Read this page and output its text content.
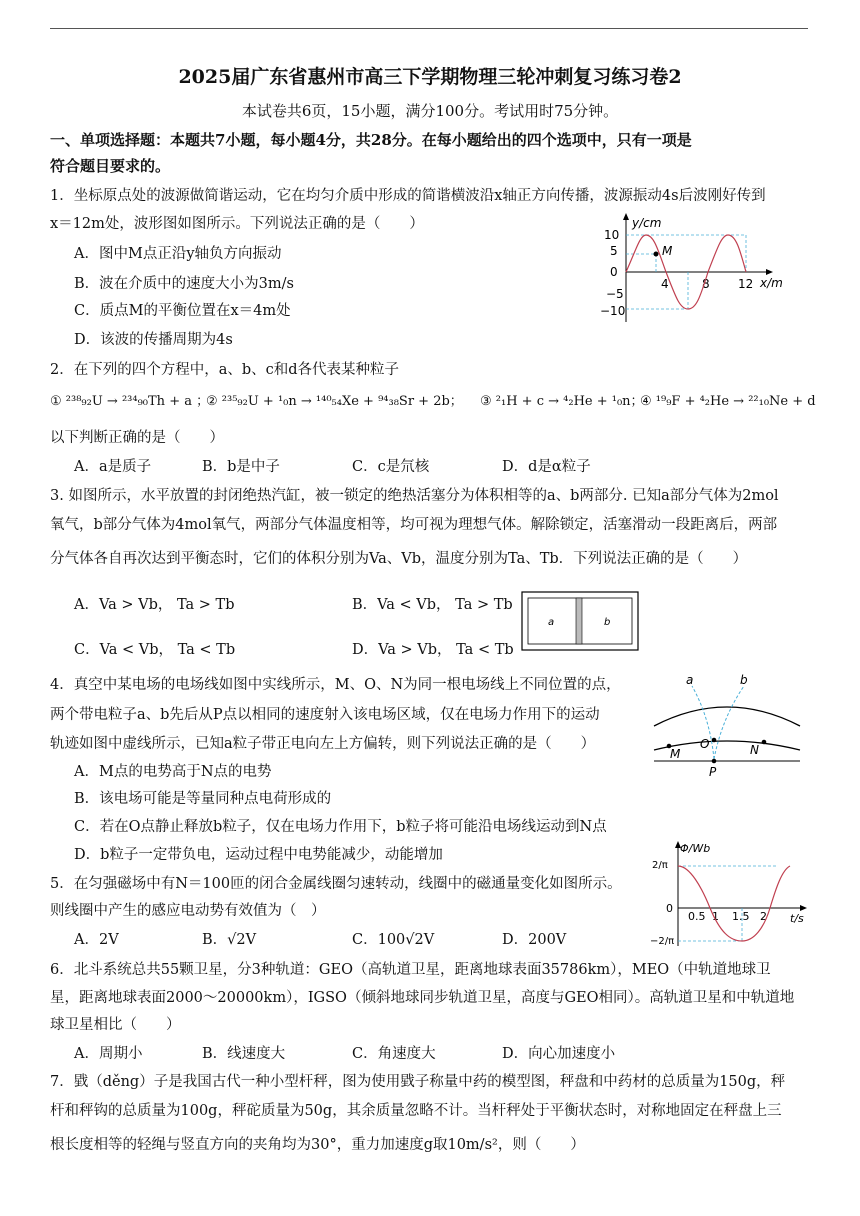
2025届广东省惠州市高三下学期物理三轮冲刺复习练习卷2
本试卷共6页，15小题，满分100分。考试用时75分钟。
一、单项选择题：本题共7小题，每小题4分，共28分。在每小题给出的四个选项中，只有一项是
符合题目要求的。
1．坐标原点处的波源做简谐运动，它在均匀介质中形成的简谐横波沿x轴正方向传播，波源振动4s后波刚好传到
x＝12m处，波形图如图所示。下列说法正确的是（　　）
A．图中M点正沿y轴负方向振动
B．波在介质中的速度大小为3m/s
C．质点M的平衡位置在x＝4m处
D．该波的传播周期为4s
y/cm
x/m
10
5
0
−5
−10
4	8 12
M
2．在下列的四个方程中，a、b、c和d各代表某种粒子
① ²³⁸₉₂U → ²³⁴₉₀Th + a ；
② ²³⁵₉₂U + ¹₀n → ¹⁴⁰₅₄Xe + ⁹⁴₃₈Sr + 2b； ③ ²₁H + c → ⁴₂He + ¹₀n；
④ ¹⁹₉F + ⁴₂He → ²²₁₀Ne + d
以下判断正确的是（　　）
A．a是质子	B．b是中子	C．c是氘核	D．d是α粒子
3. 如图所示，水平放置的封闭绝热汽缸，被一锁定的绝热活塞分为体积相等的a、b两部分. 已知a部分气体为2mol
氧气，b部分气体为4mol氧气，两部分气体温度相等，均可视为理想气体。解除锁定，活塞滑动一段距离后，两部
分气体各自再次达到平衡态时，它们的体积分别为Va、Vb，温度分别为Ta、Tb．下列说法正确的是（　　）
A．Va > Vb， Ta > Tb	B．Va < Vb， Ta > Tb
C．Va < Vb， Ta < Tb	D．Va > Vb， Ta < Tb
a	b
4．真空中某电场的电场线如图中实线所示，M、O、N为同一根电场线上不同位置的点，
两个带电粒子a、b先后从P点以相同的速度射入该电场区域，仅在电场力作用下的运动
轨迹如图中虚线所示，已知a粒子带正电向左上方偏转，则下列说法正确的是（　　）
A．M点的电势高于N点的电势
B．该电场可能是等量同种点电荷形成的
C．若在O点静止释放b粒子，仅在电场力作用下，b粒子将可能沿电场线运动到N点
D．b粒子一定带负电，运动过程中电势能减少，动能增加
a	b
M
O	N
P
5．在匀强磁场中有N＝100匝的闭合金属线圈匀速转动，线圈中的磁通量变化如图所示。
则线圈中产生的感应电动势有效值为（　）
A．2V	B．√2V	C．100√2V	D．200V
Φ/Wb
t/s
2/π
−2/π
0
0.5 1 1.5 2
6．北斗系统总共55颗卫星，分3种轨道：GEO（高轨道卫星，距离地球表面35786km），MEO（中轨道地球卫
星，距离地球表面2000～20000km），IGSO（倾斜地球同步轨道卫星，高度与GEO相同）。高轨道卫星和中轨道地
球卫星相比（　　）
A．周期小	B．线速度大	C．角速度大	D．向心加速度小
7．戥（děng）子是我国古代一种小型杆秤，图为使用戥子称量中药的模型图，秤盘和中药材的总质量为150g，秤
杆和秤钩的总质量为100g，秤砣质量为50g，其余质量忽略不计。当杆秤处于平衡状态时，对称地固定在秤盘上三
根长度相等的轻绳与竖直方向的夹角均为30°，重力加速度g取10m/s²，则（　　）
